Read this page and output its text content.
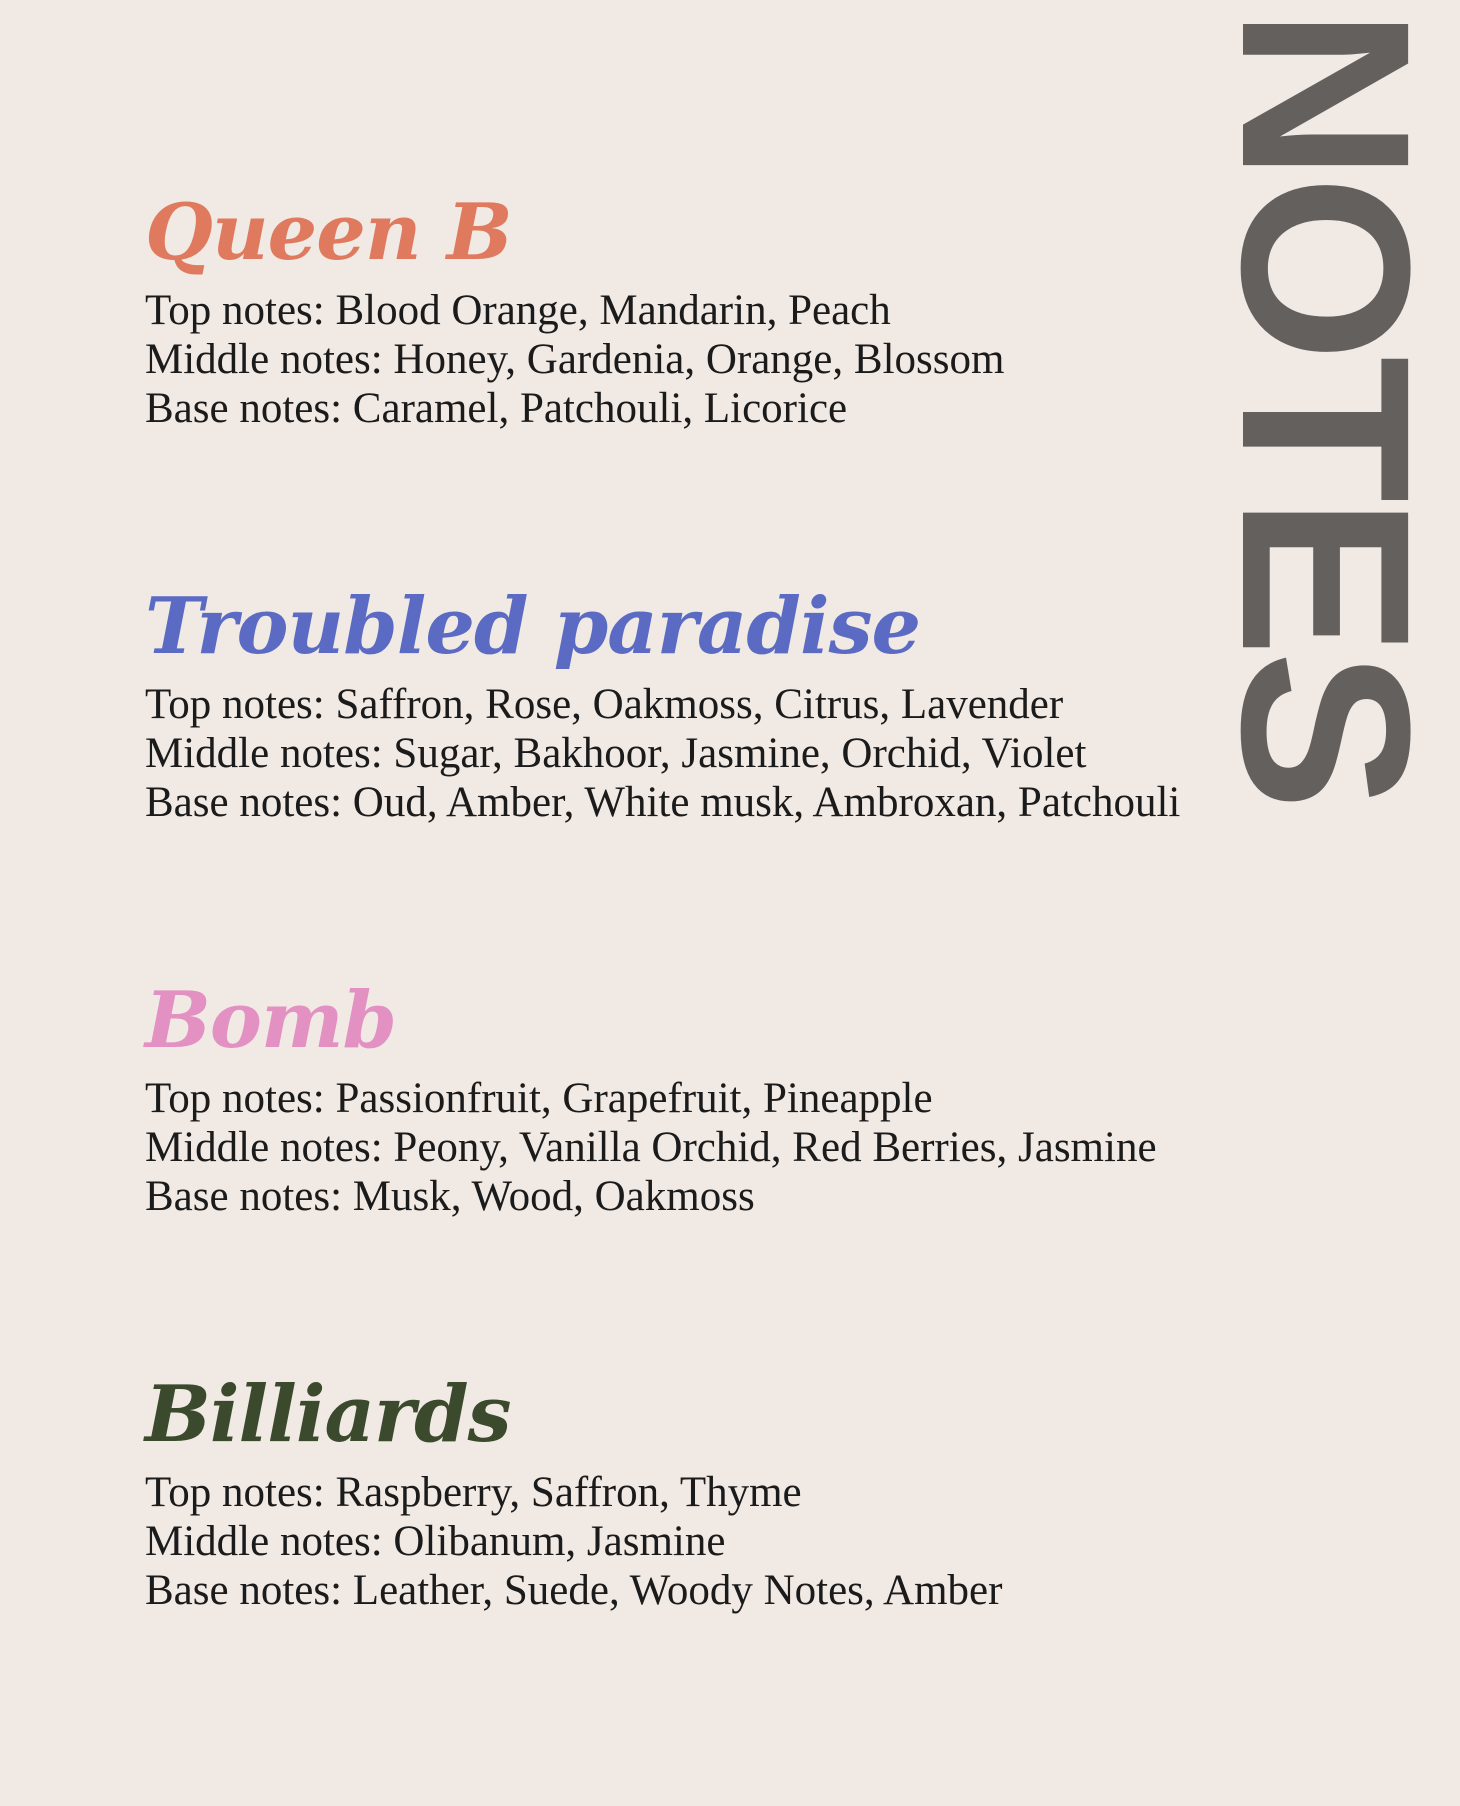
NOTES
Queen B
Top notes: Blood Orange, Mandarin, Peach
Middle notes: Honey, Gardenia, Orange, Blossom
Base notes: Caramel, Patchouli, Licorice
Troubled paradise
Top notes: Saffron, Rose, Oakmoss, Citrus, Lavender
Middle notes: Sugar, Bakhoor, Jasmine, Orchid, Violet
Base notes: Oud, Amber, White musk, Ambroxan, Patchouli
Bomb
Top notes: Passionfruit, Grapefruit, Pineapple
Middle notes: Peony, Vanilla Orchid, Red Berries, Jasmine
Base notes: Musk, Wood, Oakmoss
Billiards
Top notes: Raspberry, Saffron, Thyme
Middle notes: Olibanum, Jasmine
Base notes: Leather, Suede, Woody Notes, Amber
